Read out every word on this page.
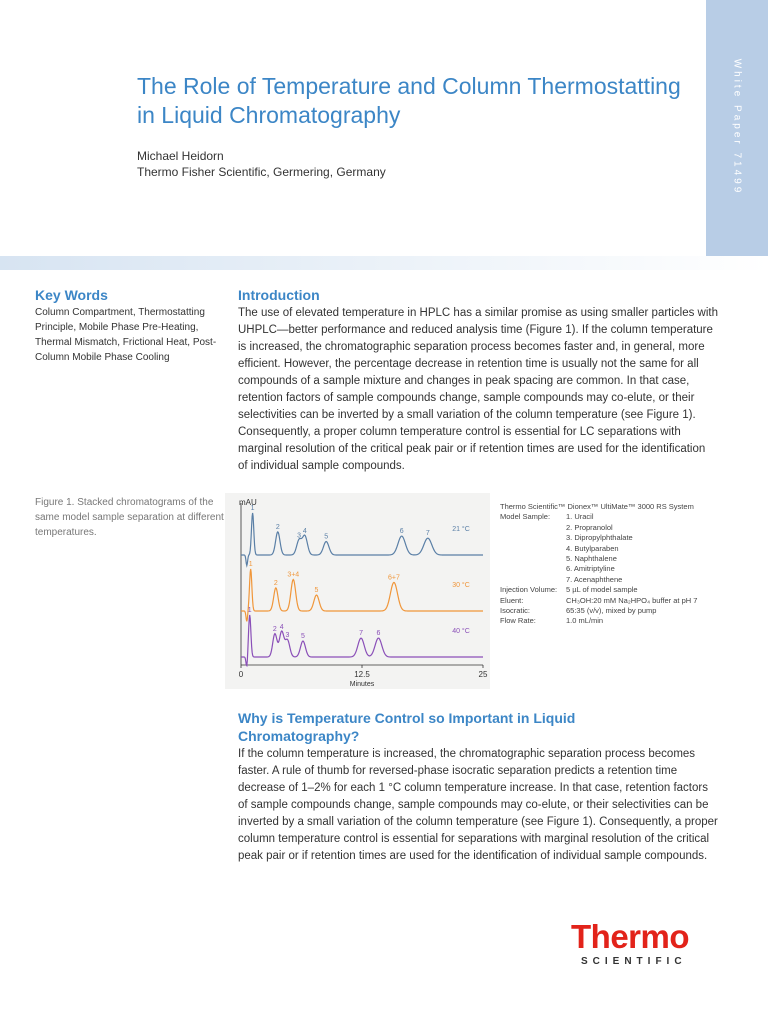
White Paper 71499
The Role of Temperature and Column Thermostatting in Liquid Chromatography
Michael Heidorn
Thermo Fisher Scientific, Germering, Germany
Key Words
Column Compartment, Thermostatting Principle, Mobile Phase Pre-Heating, Thermal Mismatch, Frictional Heat, Post-Column Mobile Phase Cooling
Introduction

The use of elevated temperature in HPLC has a similar promise as using smaller particles with UHPLC—better performance and reduced analysis time (Figure 1). If the column temperature is increased, the chromatographic separation process becomes faster and, in general, more efficient. However, the percentage decrease in retention time is usually not the same for all compounds of a sample mixture and changes in peak spacing are common. In that case, retention factors of sample compounds change, sample compounds may co-elute, or their selectivities can be inverted by a small variation of the column temperature (see Figure 1). Consequently, a proper column temperature control is essential for LC separations with marginal resolution of the critical peak pair or if retention times are used for the identification of individual sample compounds.

Figure 1. Stacked chromatograms of the same model sample separation at different temperatures.
mAU
0	12.5	25
Minutes
1
2
3
4
5
6	7
21 °C
1
2
3+4
5
6+7
30 °C
1
2 4
3 5	7 6	40 °C
Thermo Scientific™ Dionex™ UltiMate™ 3000 RS System
Model Sample:	1. Uracil
2. Propranolol
3. Dipropylphthalate
4. Butylparaben
5. Naphthalene
6. Amitriptyline
7. Acenaphthene
Injection Volume:	5 µL of model sample
Eluent:	CH₃OH:20 mM Na₂HPO₄ buffer at pH 7
Isocratic:	65:35 (v/v), mixed by pump
Flow Rate:	1.0 mL/min
Why is Temperature Control so Important in Liquid Chromatography?

If the column temperature is increased, the chromatographic separation process becomes faster. A rule of thumb for reversed-phase isocratic separation predicts a retention time decrease of 1–2% for each 1 °C column temperature increase. In that case, retention factors of sample compounds change, sample compounds may co-elute, or their selectivities can be inverted by a small variation of the column temperature (see Figure 1). Consequently, a proper column temperature control is essential for separations with marginal resolution of the critical peak pair or if retention times are used for the identification of individual sample compounds.

Thermo
SCIENTIFIC
